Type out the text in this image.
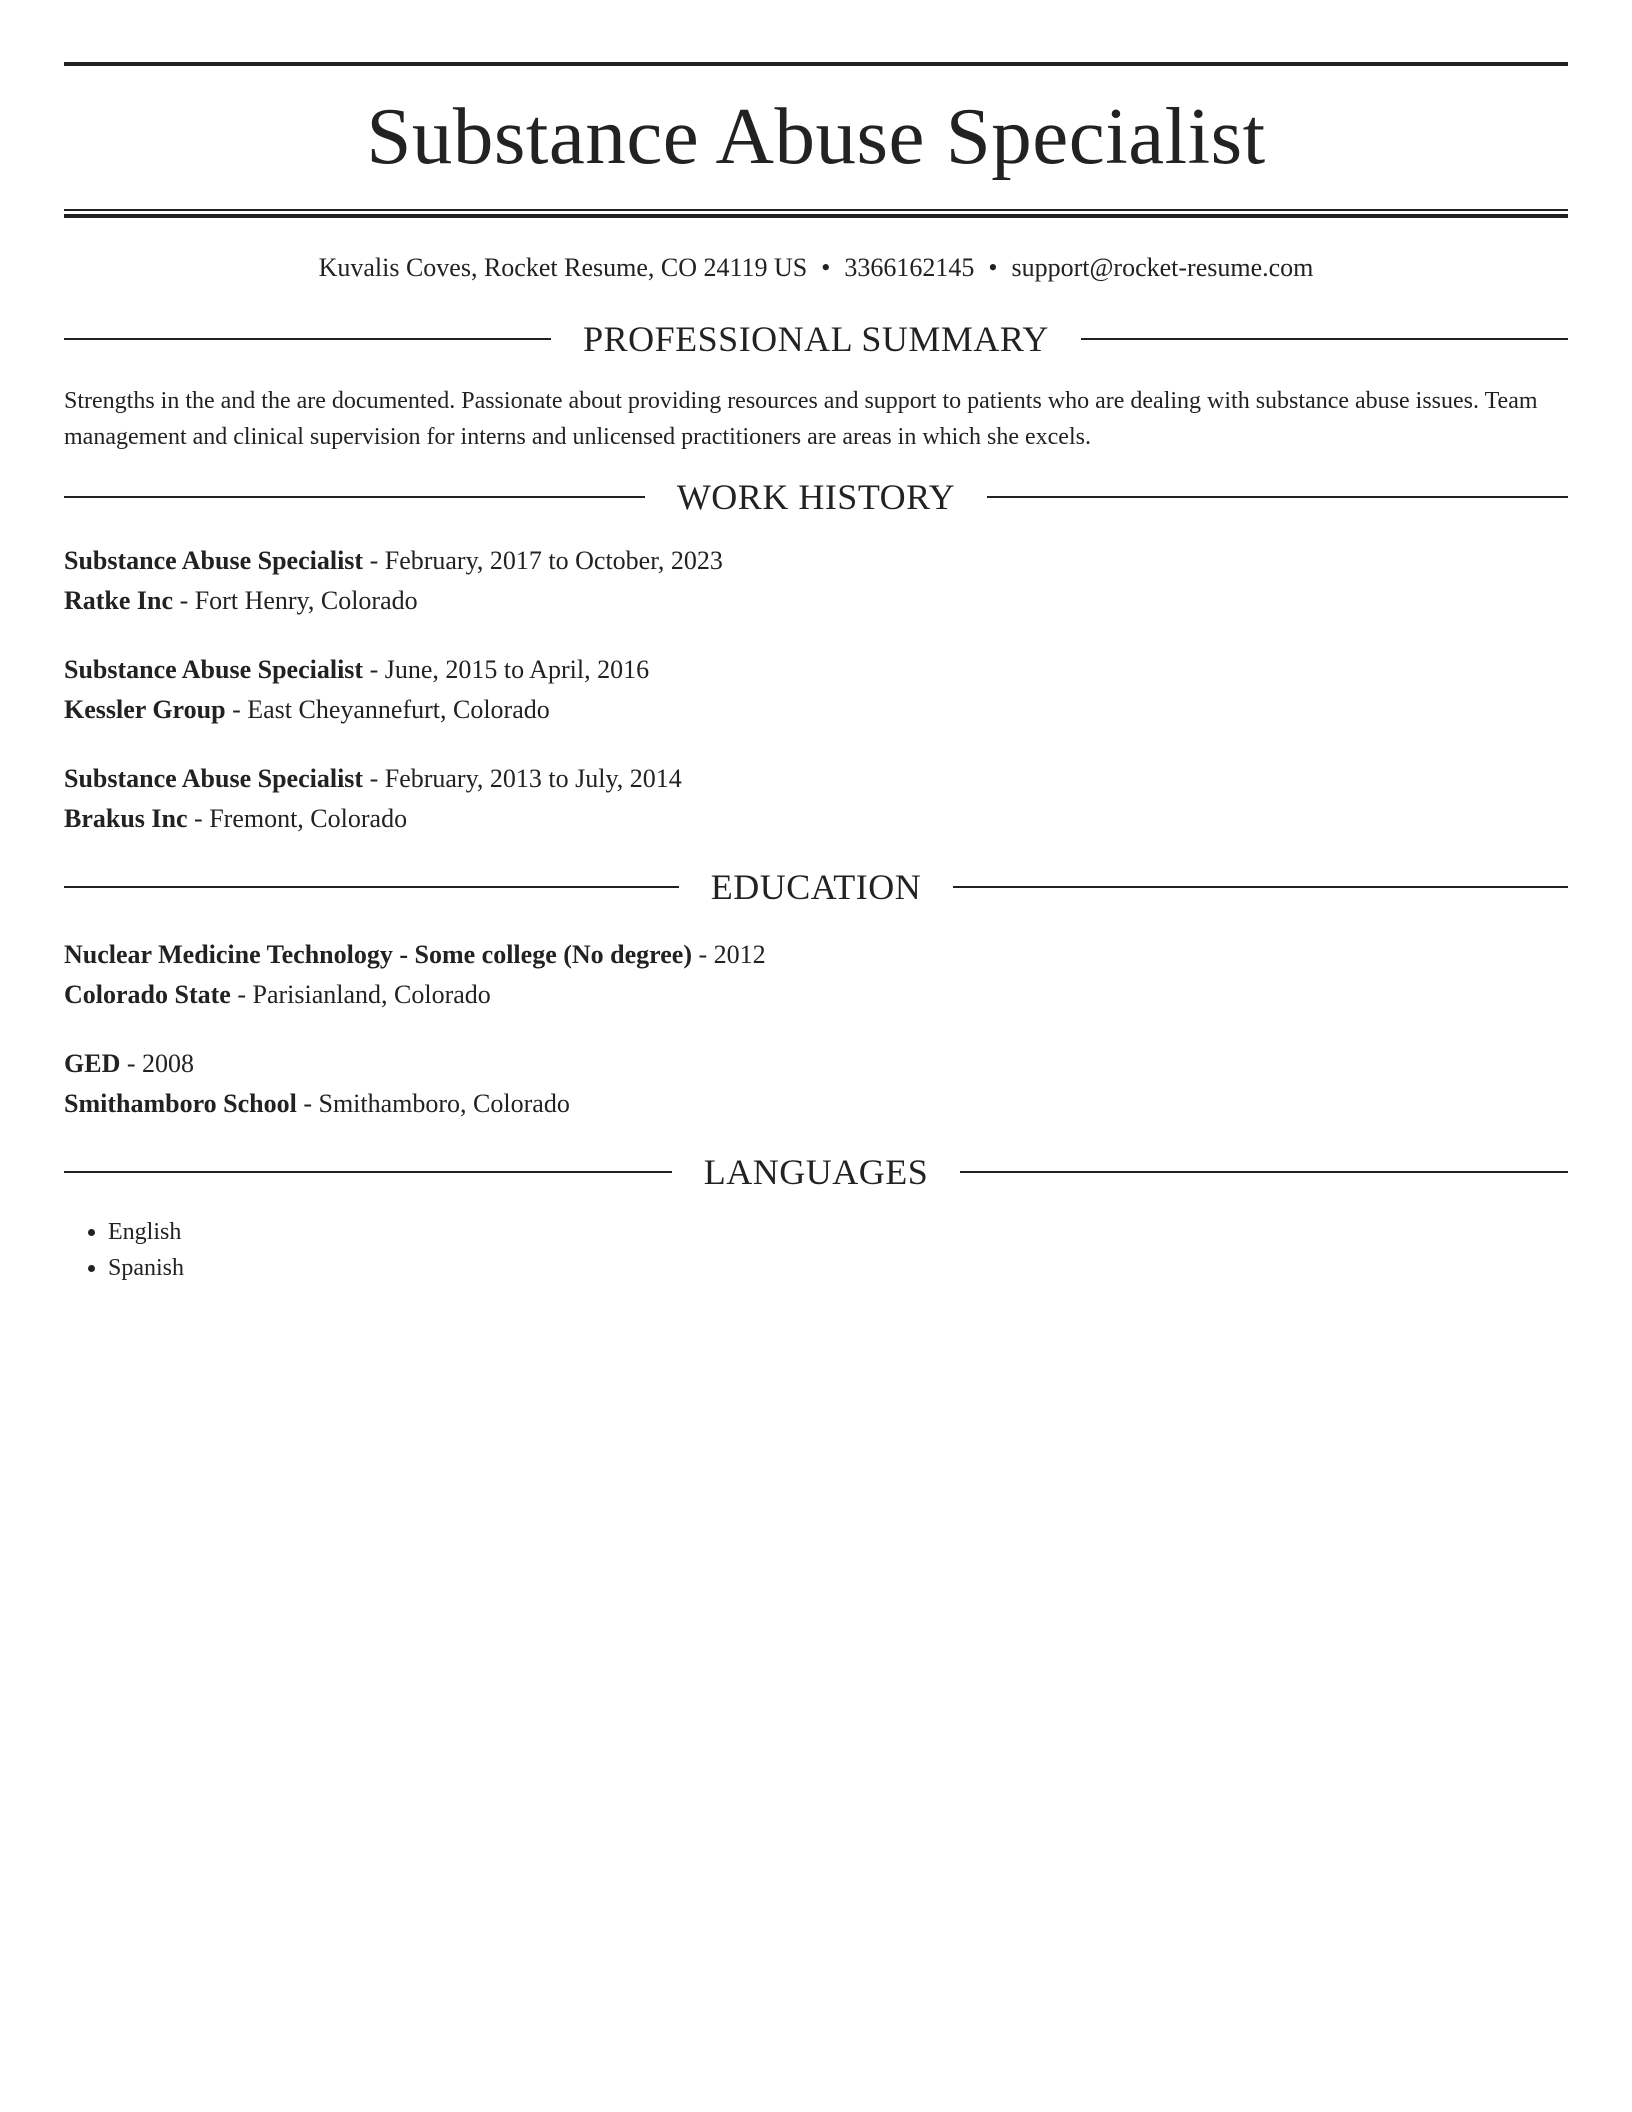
Substance Abuse Specialist
Kuvalis Coves, Rocket Resume, CO 24119 US • 3366162145 • support@rocket-resume.com
PROFESSIONAL SUMMARY

Strengths in the and the are documented. Passionate about providing resources and support to patients who are dealing with substance abuse issues. Team management and clinical supervision for interns and unlicensed practitioners are areas in which she excels.

WORK HISTORY
Substance Abuse Specialist - February, 2017 to October, 2023
Ratke Inc - Fort Henry, Colorado
Substance Abuse Specialist - June, 2015 to April, 2016
Kessler Group - East Cheyannefurt, Colorado
Substance Abuse Specialist - February, 2013 to July, 2014
Brakus Inc - Fremont, Colorado
EDUCATION
Nuclear Medicine Technology - Some college (No degree) - 2012
Colorado State - Parisianland, Colorado
GED - 2008
Smithamboro School - Smithamboro, Colorado
LANGUAGES
• English
• Spanish
